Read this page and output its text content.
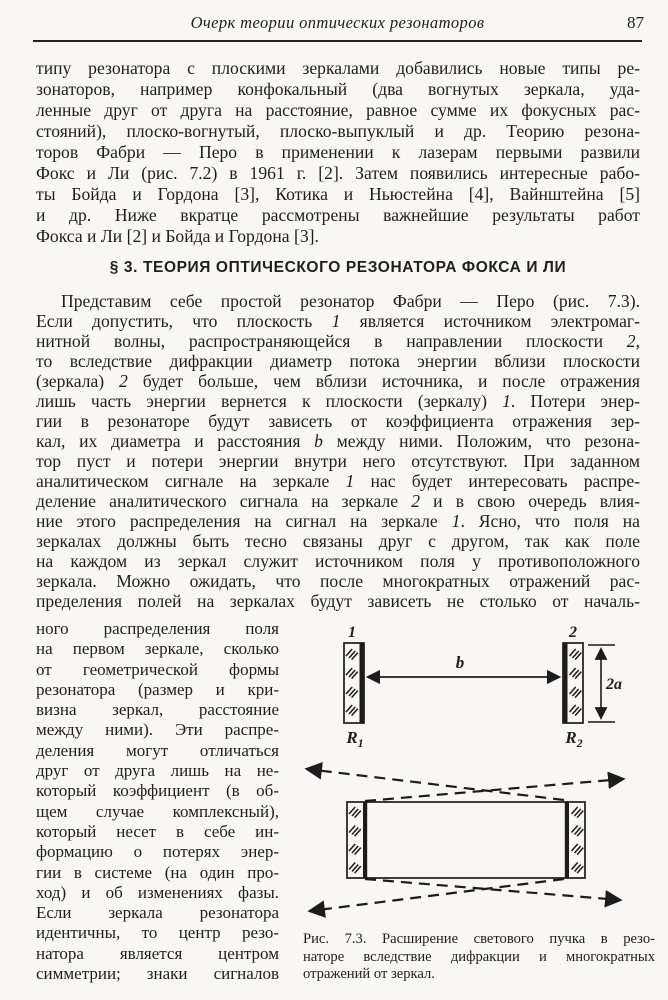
Очерк теории оптических резонаторов	87
типу резонатора с плоскими зеркалами добавились новые типы ре-
зонаторов, например конфокальный (два вогнутых зеркала, уда-
ленные друг от друга на расстояние, равное сумме их фокусных рас-
стояний), плоско-вогнутый, плоско-выпуклый и др. Теорию резона-
торов Фабри — Перо в применении к лазерам первыми развили
Фокс и Ли (рис. 7.2) в 1961 г. [2]. Затем появились интересные рабо-
ты Бойда и Гордона [3], Котика и Ньюстейна [4], Вайнштейна [5]
и др. Ниже вкратце рассмотрены важнейшие результаты работ
Фокса и Ли [2] и Бойда и Гордона [3].
§ 3. ТЕОРИЯ ОПТИЧЕСКОГО РЕЗОНАТОРА ФОКСА И ЛИ
Представим себе простой резонатор Фабри — Перо (рис. 7.3).
Если допустить, что плоскость 1 является источником электромаг-
нитной волны, распространяющейся в направлении плоскости 2,
то вследствие дифракции диаметр потока энергии вблизи плоскости
(зеркала) 2 будет больше, чем вблизи источника, и после отражения
лишь часть энергии вернется к плоскости (зеркалу) 1. Потери энер-
гии в резонаторе будут зависеть от коэффициента отражения зер-
кал, их диаметра и расстояния b между ними. Положим, что резона-
тор пуст и потери энергии внутри него отсутствуют. При заданном
аналитическом сигнале на зеркале 1 нас будет интересовать распре-
деление аналитического сигнала на зеркале 2 и в свою очередь влия-
ние этого распределения на сигнал на зеркале 1. Ясно, что поля на
зеркалах должны быть тесно связаны друг с другом, так как поле
на каждом из зеркал служит источником поля у противоположного
зеркала. Можно ожидать, что после многократных отражений рас-
пределения полей на зеркалах будут зависеть не столько от началь-
ного распределения поля
на первом зеркале, сколько
от геометрической формы
резонатора (размер и кри-
визна зеркал, расстояние
между ними). Эти распре-
деления могут отличаться
друг от друга лишь на не-
который коэффициент (в об-
щем случае комплексный),
который несет в себе ин-
формацию о потерях энер-
гии в системе (на один про-
ход) и об изменениях фазы.
Если зеркала резонатора
идентичны, то центр резо-
натора является центром
симметрии; знаки сигналов
1	2
b
2a
$R_1$	$R_2$
Рис. 7.3. Расширение светового пучка в резо-
наторе вследствие дифракции и многократных
отражений от зеркал.
